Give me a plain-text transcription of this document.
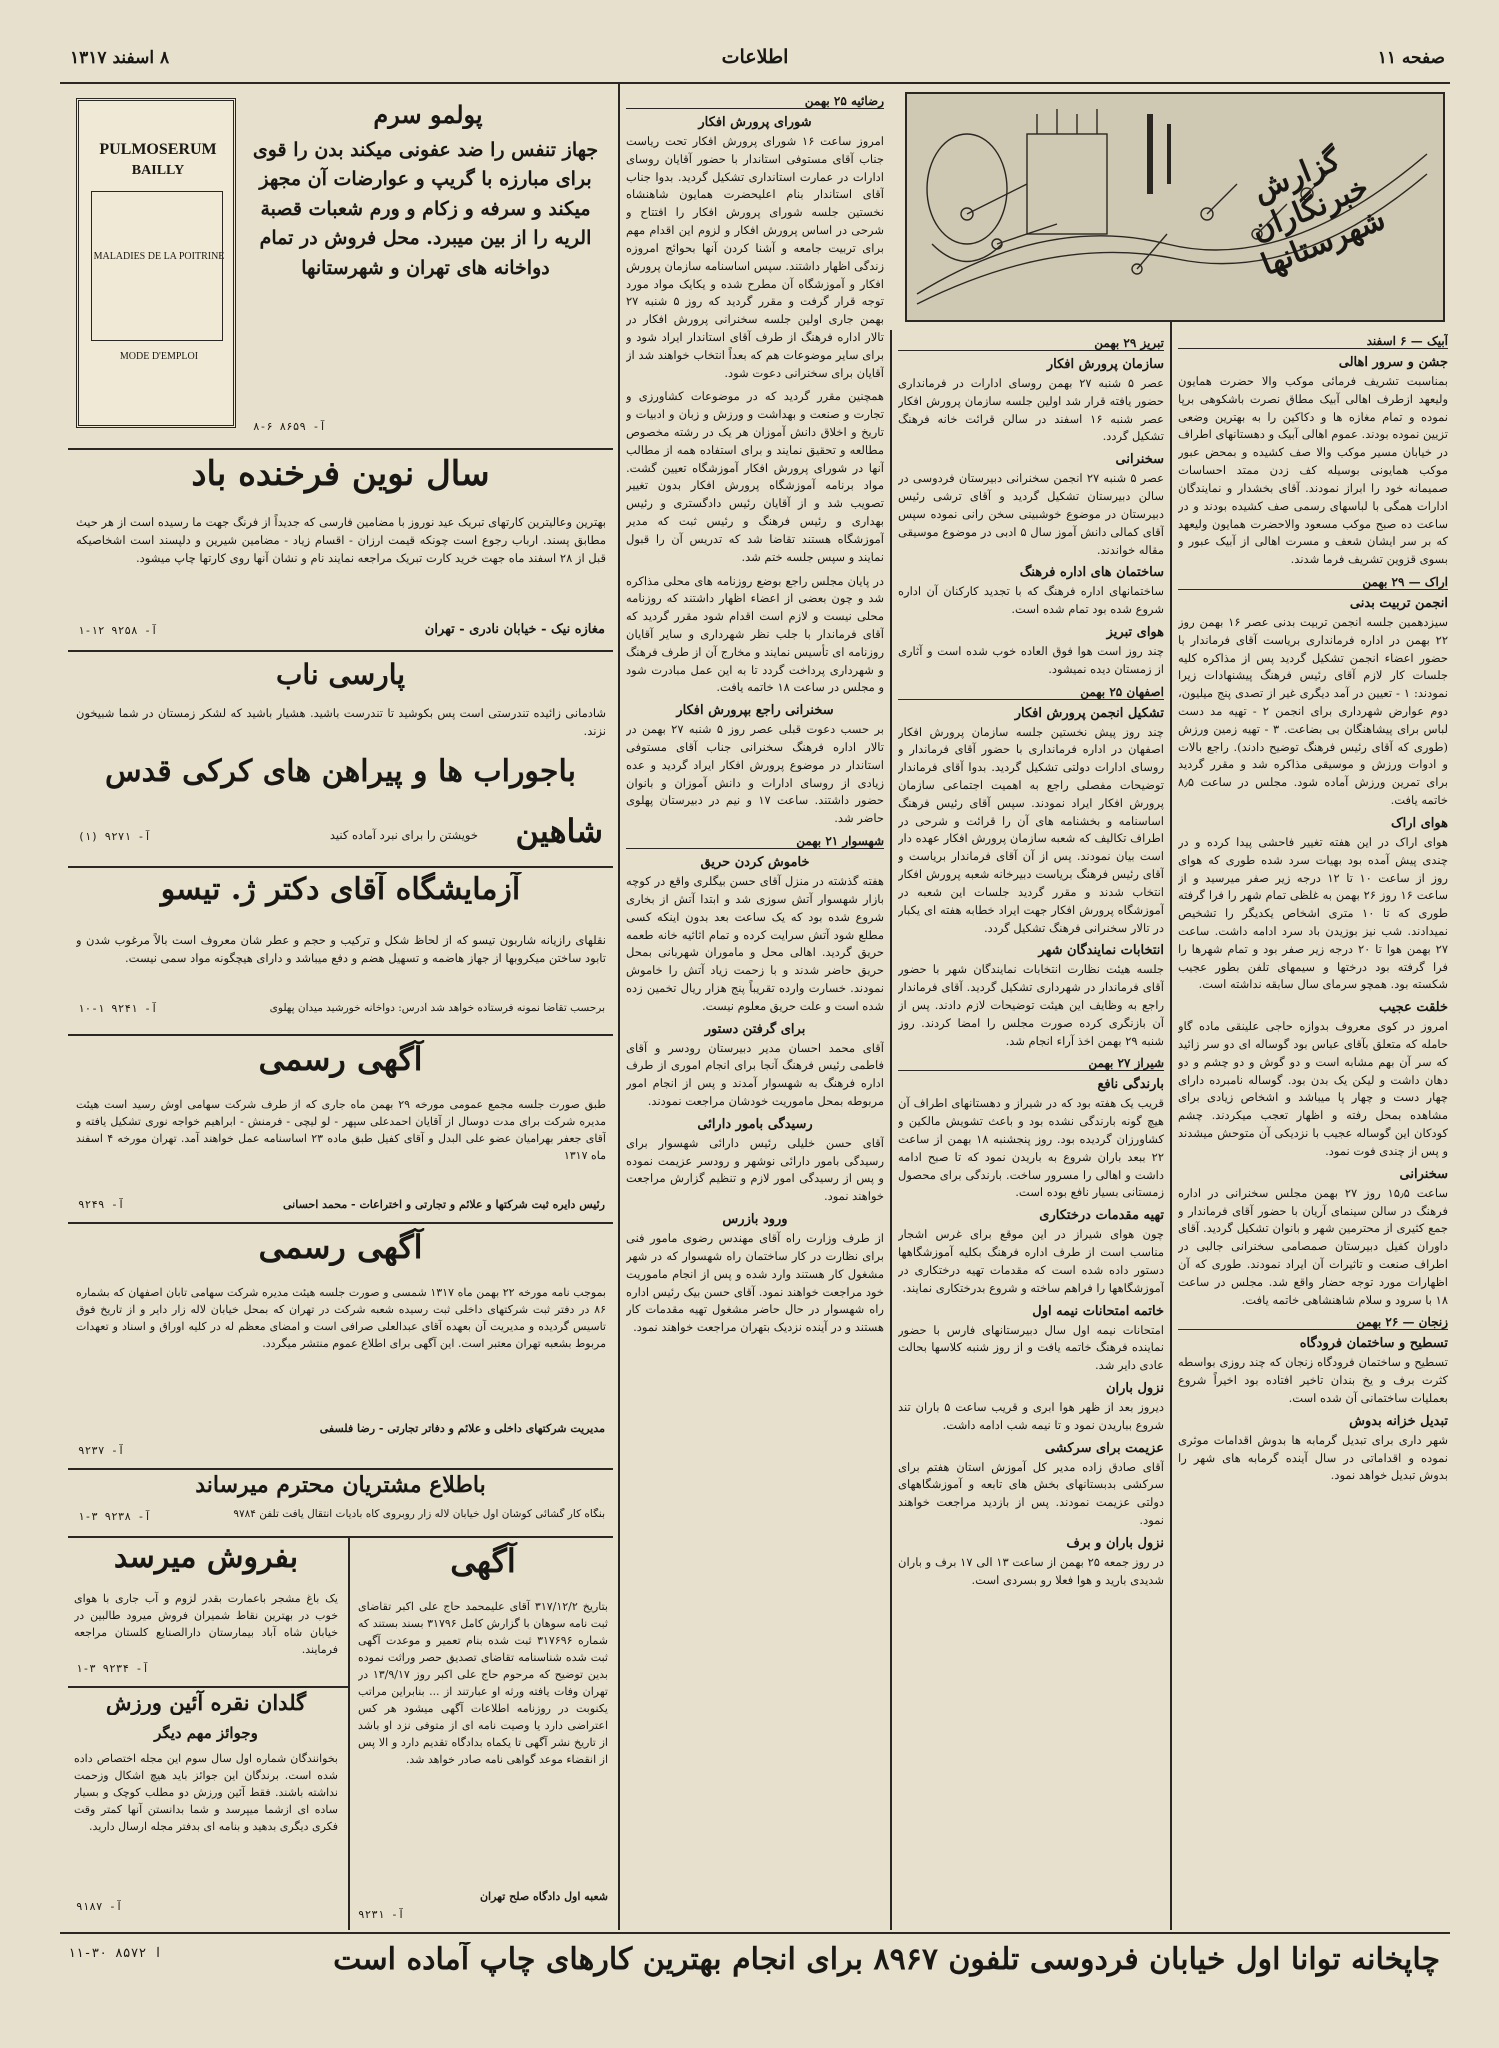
صفحه ۱۱
اطلاعات
۸ اسفند ۱۳۱۷
گزارش خبرنگاران شهرستانها
آبیک — ۶ اسفند
جشن و سرور اهالی

بمناسبت تشریف فرمائی موکب والا حضرت همایون ولیعهد ازطرف اهالی آبیک مطاق نصرت باشکوهی برپا نموده و تمام مغازه ها و دکاکین را به بهترین وضعی تزیین نموده بودند. عموم اهالی آبیک و دهستانهای اطراف در خیابان مسیر موکب والا صف کشیده و بمحض عبور موکب همایونی بوسیله کف زدن ممتد احساسات صمیمانه خود را ابراز نمودند. آقای بخشدار و نمایندگان ادارات همگی با لباسهای رسمی صف کشیده بودند و در ساعت ده صبح موکب مسعود والاحضرت همایون ولیعهد که بر سر ایشان شعف و مسرت اهالی از آبیک عبور و بسوی قزوین تشریف فرما شدند.

اراک — ۲۹ بهمن
انجمن تربیت بدنی

سیزدهمین جلسه انجمن تربیت بدنی عصر ۱۶ بهمن روز ۲۲ بهمن در اداره فرمانداری بریاست آقای فرماندار با حضور اعضاء انجمن تشکیل گردید پس از مذاکره کلیه جلسات کار لازم آقای رئیس فرهنگ پیشنهادات زیرا نمودند: ۱ - تعیین در آمد دیگری غیر از تصدی پنج میلیون، دوم عوارض شهرداری برای انجمن ۲ - تهیه مد دست لباس برای پیشاهنگان بی بضاعت. ۳ - تهیه زمین ورزش (طوری که آقای رئیس فرهنگ توضیح دادند). راجع بالات و ادوات ورزش و موسیقی مذاکره شد و مقرر گردید برای تمرین ورزش آماده شود. مجلس در ساعت ۸٫۵ خاتمه یافت.

هوای اراک

هوای اراک در این هفته تغییر فاحشی پیدا کرده و در چندی پیش آمده بود بهیات سرد شده طوری که هوای روز از ساعت ۱۰ تا ۱۲ درجه زیر صفر میرسید و از ساعت ۱۶ روز ۲۶ بهمن به غلظی تمام شهر را فرا گرفته طوری که تا ۱۰ متری اشخاص یکدیگر را تشخیص نمیدادند. شب نیز بوزیدن باد سرد ادامه داشت. ساعت ۲۷ بهمن هوا تا ۲۰ درجه زیر صفر بود و تمام شهرها را فرا گرفته بود درختها و سیمهای تلفن بطور عجیب شکسته بود. همچو سرمای سال سابقه نداشته است.

خلقت عجیب

امروز در کوی معروف بدوازه حاجی علینقی ماده گاو حامله که متعلق بآقای عباس بود گوساله ای دو سر زائید که سر آن بهم مشابه است و دو گوش و دو چشم و دو دهان داشت و لیکن یک بدن بود. گوساله نامبرده دارای چهار دست و چهار پا میباشد و اشخاص زیادی برای مشاهده بمحل رفته و اظهار تعجب میکردند. چشم کودکان این گوساله عجیب با نزدیکی آن متوحش میشدند و پس از چندی فوت نمود.

سخنرانی

ساعت ۱۵٫۵ روز ۲۷ بهمن مجلس سخنرانی در اداره فرهنگ در سالن سینمای آریان با حضور آقای فرماندار و جمع کثیری از محترمین شهر و بانوان تشکیل گردید. آقای داوران کفیل دبیرستان صمصامی سخنرانی جالبی در اطراف صنعت و تاثیرات آن ایراد نمودند. طوری که آن اظهارات مورد توجه حضار واقع شد. مجلس در ساعت ۱۸ با سرود و سلام شاهنشاهی خاتمه یافت.

زنجان — ۲۶ بهمن
تسطیح و ساختمان فرودگاه

تسطیح و ساختمان فرودگاه زنجان که چند روزی بواسطه کثرت برف و یخ بندان تاخیر افتاده بود اخیراً شروع بعملیات ساختمانی آن شده است.

تبدیل خزانه بدوش

شهر داری برای تبدیل گرمابه ها بدوش اقدامات موثری نموده و اقداماتی در سال آینده گرمابه های شهر را بدوش تبدیل خواهد نمود.

تبریز ۲۹ بهمن
سازمان پرورش افکار

عصر ۵ شنبه ۲۷ بهمن روسای ادارات در فرمانداری حضور یافته قرار شد اولین جلسه سازمان پرورش افکار عصر شنبه ۱۶ اسفند در سالن قرائت خانه فرهنگ تشکیل گردد.

سخنرانی

عصر ۵ شنبه ۲۷ انجمن سخنرانی دبیرستان فردوسی در سالن دبیرستان تشکیل گردید و آقای ترشی رئیس دبیرستان در موضوع خوشبینی سخن رانی نموده سپس آقای کمالی دانش آموز سال ۵ ادبی در موضوع موسیقی مقاله خواندند.

ساختمان های اداره فرهنگ

ساختمانهای اداره فرهنگ که با تجدید کارکنان آن اداره شروع شده بود تمام شده است.

هوای تبریز

چند روز است هوا فوق العاده خوب شده است و آثاری از زمستان دیده نمیشود.

اصفهان ۲۵ بهمن
تشکیل انجمن پرورش افکار

چند روز پیش نخستین جلسه سازمان پرورش افکار اصفهان در اداره فرمانداری با حضور آقای فرماندار و روسای ادارات دولتی تشکیل گردید. بدوا آقای فرماندار توضیحات مفصلی راجع به اهمیت اجتماعی سازمان پرورش افکار ایراد نمودند. سپس آقای رئیس فرهنگ اساسنامه و بخشنامه های آن را قرائت و شرحی در اطراف تکالیف که شعبه سازمان پرورش افکار عهده دار است بیان نمودند. پس از آن آقای فرماندار بریاست و آقای رئیس فرهنگ بریاست دبیرخانه شعبه پرورش افکار انتخاب شدند و مقرر گردید جلسات این شعبه در آموزشگاه پرورش افکار جهت ایراد خطابه هفته ای یکبار در تالار سخنرانی فرهنگ تشکیل گردد.

انتخابات نمایندگان شهر

جلسه هیئت نظارت انتخابات نمایندگان شهر با حضور آقای فرماندار در شهرداری تشکیل گردید. آقای فرماندار راجع به وظایف این هیئت توضیحات لازم دادند. پس از آن بازنگری کرده صورت مجلس را امضا کردند. روز شنبه ۲۹ بهمن اخذ آراء انجام شد.

شیراز ۲۷ بهمن
بارندگی نافع

قریب یک هفته بود که در شیراز و دهستانهای اطراف آن هیچ گونه بارندگی نشده بود و باعث تشویش مالکین و کشاورزان گردیده بود. روز پنجشنبه ۱۸ بهمن از ساعت ۲۲ ببعد باران شروع به باریدن نمود که تا صبح ادامه داشت و اهالی را مسرور ساخت. بارندگی برای محصول زمستانی بسیار نافع بوده است.

تهیه مقدمات درختکاری

چون هوای شیراز در این موقع برای غرس اشجار مناسب است از طرف اداره فرهنگ بکلیه آموزشگاهها دستور داده شده است که مقدمات تهیه درختکاری در آموزشگاهها را فراهم ساخته و شروع بدرختکاری نمایند.

خاتمه امتحانات نیمه اول

امتحانات نیمه اول سال دبیرستانهای فارس با حضور نماینده فرهنگ خاتمه یافت و از روز شنبه کلاسها بحالت عادی دایر شد.

نزول باران

دیروز بعد از ظهر هوا ابری و قریب ساعت ۵ باران تند شروع بباریدن نمود و تا نیمه شب ادامه داشت.

عزیمت برای سرکشی

آقای صادق زاده مدیر کل آموزش استان هفتم برای سرکشی بدبستانهای بخش های تابعه و آموزشگاههای دولتی عزیمت نمودند. پس از بازدید مراجعت خواهند نمود.

نزول باران و برف

در روز جمعه ۲۵ بهمن از ساعت ۱۳ الی ۱۷ برف و باران شدیدی بارید و هوا فعلا رو بسردی است.

رضائیه ۲۵ بهمن
شورای پرورش افکار

امروز ساعت ۱۶ شورای پرورش افکار تحت ریاست جناب آقای مستوفی استاندار با حضور آقایان روسای ادارات در عمارت استانداری تشکیل گردید. بدوا جناب آقای استاندار بنام اعلیحضرت همایون شاهنشاه نخستین جلسه شورای پرورش افکار را افتتاح و شرحی در اساس پرورش افکار و لزوم این اقدام مهم برای تربیت جامعه و آشنا کردن آنها بحوائج امروزه زندگی اظهار داشتند. سپس اساسنامه سازمان پرورش افکار و آموزشگاه آن مطرح شده و یکایک مواد مورد توجه قرار گرفت و مقرر گردید که روز ۵ شنبه ۲۷ بهمن جاری اولین جلسه سخنرانی پرورش افکار در تالار اداره فرهنگ از طرف آقای استاندار ایراد شود و برای سایر موضوعات هم که بعداً انتخاب خواهند شد از آقایان برای سخنرانی دعوت شود.

همچنین مقرر گردید که در موضوعات کشاورزی و تجارت و صنعت و بهداشت و ورزش و زبان و ادبیات و تاریخ و اخلاق دانش آموزان هر یک در رشته مخصوص مطالعه و تحقیق نمایند و برای استفاده همه از مطالب آنها در شورای پرورش افکار آموزشگاه تعیین گشت. مواد برنامه آموزشگاه پرورش افکار بدون تغییر تصویب شد و از آقایان رئیس دادگستری و رئیس بهداری و رئیس فرهنگ و رئیس ثبت که مدیر آموزشگاه هستند تقاضا شد که تدریس آن را قبول نمایند و سپس جلسه ختم شد.

در پایان مجلس راجع بوضع روزنامه های محلی مذاکره شد و چون بعضی از اعضاء اظهار داشتند که روزنامه محلی نیست و لازم است اقدام شود مقرر گردید که آقای فرماندار با جلب نظر شهرداری و سایر آقایان روزنامه ای تأسیس نمایند و مخارج آن از طرف فرهنگ و شهرداری پرداخت گردد تا به این عمل مبادرت شود و مجلس در ساعت ۱۸ خاتمه یافت.

سخنرانی راجع بپرورش افکار

بر حسب دعوت قبلی عصر روز ۵ شنبه ۲۷ بهمن در تالار اداره فرهنگ سخنرانی جناب آقای مستوفی استاندار در موضوع پرورش افکار ایراد گردید و عده زیادی از روسای ادارات و دانش آموزان و بانوان حضور داشتند. ساعت ۱۷ و نیم در دبیرستان پهلوی حاضر شد.

شهسوار ۲۱ بهمن
خاموش کردن حریق

هفته گذشته در منزل آقای حسن بیگلری واقع در کوچه بازار شهسوار آتش سوزی شد و ابتدا آتش از بخاری شروع شده بود که یک ساعت بعد بدون اینکه کسی مطلع شود آتش سرایت کرده و تمام اثاثیه خانه طعمه حریق گردید. اهالی محل و ماموران شهربانی بمحل حریق حاضر شدند و با زحمت زیاد آتش را خاموش نمودند. خسارت وارده تقریباً پنج هزار ریال تخمین زده شده است و علت حریق معلوم نیست.

برای گرفتن دستور

آقای محمد احسان مدیر دبیرستان رودسر و آقای فاطمی رئیس فرهنگ آنجا برای انجام اموری از طرف اداره فرهنگ به شهسوار آمدند و پس از انجام امور مربوطه بمحل ماموریت خودشان مراجعت نمودند.

رسیدگی بامور دارائی

آقای حسن خلیلی رئیس دارائی شهسوار برای رسیدگی بامور دارائی نوشهر و رودسر عزیمت نموده و پس از رسیدگی امور لازم و تنظیم گزارش مراجعت خواهند نمود.

ورود بازرس

از طرف وزارت راه آقای مهندس رضوی مامور فنی برای نظارت در کار ساختمان راه شهسوار که در شهر مشغول کار هستند وارد شده و پس از انجام ماموریت خود مراجعت خواهند نمود. آقای حسن بیک رئیس اداره راه شهسوار در حال حاضر مشغول تهیه مقدمات کار هستند و در آینده نزدیک بتهران مراجعت خواهند نمود.

PULMOSERUM
BAILLY
MALADIES DE LA POITRINE
MODE D'EMPLOI
پولمو سرم
جهاز تنفس را ضد عفونی میکند بدن را قوی برای مبارزه با گریپ و عوارضات آن مجهز میکند و سرفه و زکام و ورم شعبات قصبة الریه را از بین میبرد. محل فروش در تمام دواخانه های تهران و شهرستانها
آ- ۸۶۵۹ ۶-۸
سال نوین فرخنده باد
بهترین وعالیترین کارتهای تبریک عید نوروز با مضامین فارسی که جدیداً از فرنگ جهت ما رسیده است از هر حیث مطابق پسند. ارباب رجوع است چونکه قیمت ارزان - اقسام زیاد - مضامین شیرین و دلپسند است اشخاصیکه قبل از ۲۸ اسفند ماه جهت خرید کارت تبریک مراجعه نمایند نام و نشان آنها روی کارتها چاپ میشود.
مغازه نیک - خیابان نادری - تهران
آ- ۹۲۵۸ ۱۲-۱
پارسی ناب
شادمانی زائیده تندرستی است پس بکوشید تا تندرست باشید. هشیار باشید که لشکر زمستان در شما شبیخون نزند.
باجوراب ها و پیراهن های کرکی قدس
شاهین
خویشتن را برای نبرد آماده کنید
آ- ۹۲۷۱ (۱)
آزمایشگاه آقای دکتر ژ. تیسو
نقلهای رازیانه شاربون تیسو که از لحاظ شکل و ترکیب و حجم و عطر شان معروف است بالاً مرغوب شدن و تابود ساختن میکروبها از جهاز هاضمه و تسهیل هضم و دفع میباشد و دارای هیچگونه مواد سمی نیست.
برحسب تقاضا نمونه فرستاده خواهد شد آدرس: دواخانه خورشید میدان پهلوی
آ- ۹۲۴۱ ۱-۱۰
آگهی رسمی
طبق صورت جلسه مجمع عمومی مورخه ۲۹ بهمن ماه جاری که از طرف شرکت سهامی اوش رسید است هیئت مدیره شرکت برای مدت دوسال از آقایان احمدعلی سپهر - لو لیچی - فرمنش - ابراهیم خواجه نوری تشکیل یافته و آقای جعفر بهرامیان عضو علی البدل و آقای کفیل طبق ماده ۲۳ اساسنامه عمل خواهند آمد. تهران مورخه ۴ اسفند ماه ۱۳۱۷
رئیس دایره ثبت شرکتها و علائم و تجارتی و اختراعات - محمد احسانی
آ- ۹۲۴۹
آگهی رسمی
بموجب نامه مورخه ۲۲ بهمن ماه ۱۳۱۷ شمسی و صورت جلسه هیئت مدیره شرکت سهامی تابان اصفهان که بشماره ۸۶ در دفتر ثبت شرکتهای داخلی ثبت رسیده شعبه شرکت در تهران که بمحل خیابان لاله زار دایر و از تاریخ فوق تاسیس گردیده و مدیریت آن بعهده آقای عبدالعلی صرافی است و امضای معظم له در کلیه اوراق و اسناد و تعهدات مربوط بشعبه تهران معتبر است. این آگهی برای اطلاع عموم منتشر میگردد.
مدیریت شرکتهای داخلی و علائم و دفاتر تجارتی - رضا فلسفی
آ- ۹۲۳۷
باطلاع مشتریان محترم میرساند
بنگاه کار گشائی کوشان اول خیابان لاله زار روبروی کاه بادیات انتقال یافت تلفن ۹۷۸۴
آ- ۹۲۳۸ ۳-۱
بفروش میرسد
یک باغ مشجر باعمارت بقدر لزوم و آب جاری با هوای خوب در بهترین نقاط شمیران فروش میرود طالبین در خیابان شاه آباد بیمارستان دارالصنایع کلستان مراجعه فرمایند.
آ- ۹۲۳۴ ۳-۱
گلدان نقره آئین ورزش
وجوائز مهم دیگر
بخوانندگان شماره اول سال سوم این مجله اختصاص داده شده است. برندگان این جوائز باید هیچ اشکال وزحمت نداشته باشند. فقط آئین ورزش دو مطلب کوچک و بسیار ساده ای ازشما میپرسد و شما بدانستن آنها کمتر وقت فکری دیگری بدهید و بنامه ای بدفتر مجله ارسال دارید.
آ- ۹۱۸۷
آگهی
بتاریخ ۳۱۷/۱۲/۲ آقای علیمحمد حاج علی اکبر تقاضای ثبت نامه سوهان با گزارش کامل ۳۱۷۹۶ بسند بستند که شماره ۳۱۷۶۹۶ ثبت شده بنام تعمیر و موعدت آگهی ثبت شده شناسنامه تقاضای تصدیق حصر وراثت نموده بدین توضیح که مرحوم حاج علی اکبر روز ۱۳/۹/۱۷ در تهران وفات یافته ورثه او عبارتند از ... بنابراین مراتب یکنوبت در روزنامه اطلاعات آگهی میشود هر کس اعتراضی دارد یا وصیت نامه ای از متوفی نزد او باشد از تاریخ نشر آگهی تا یکماه بدادگاه تقدیم دارد و الا پس از انقضاء موعد گواهی نامه صادر خواهد شد.
شعبه اول دادگاه صلح تهران
آ- ۹۲۳۱
چاپخانه توانا اول خیابان فردوسی تلفون ۸۹۶۷ برای انجام بهترین کارهای چاپ آماده است
آ ۸۵۷۲ ۳۰-۱۱
